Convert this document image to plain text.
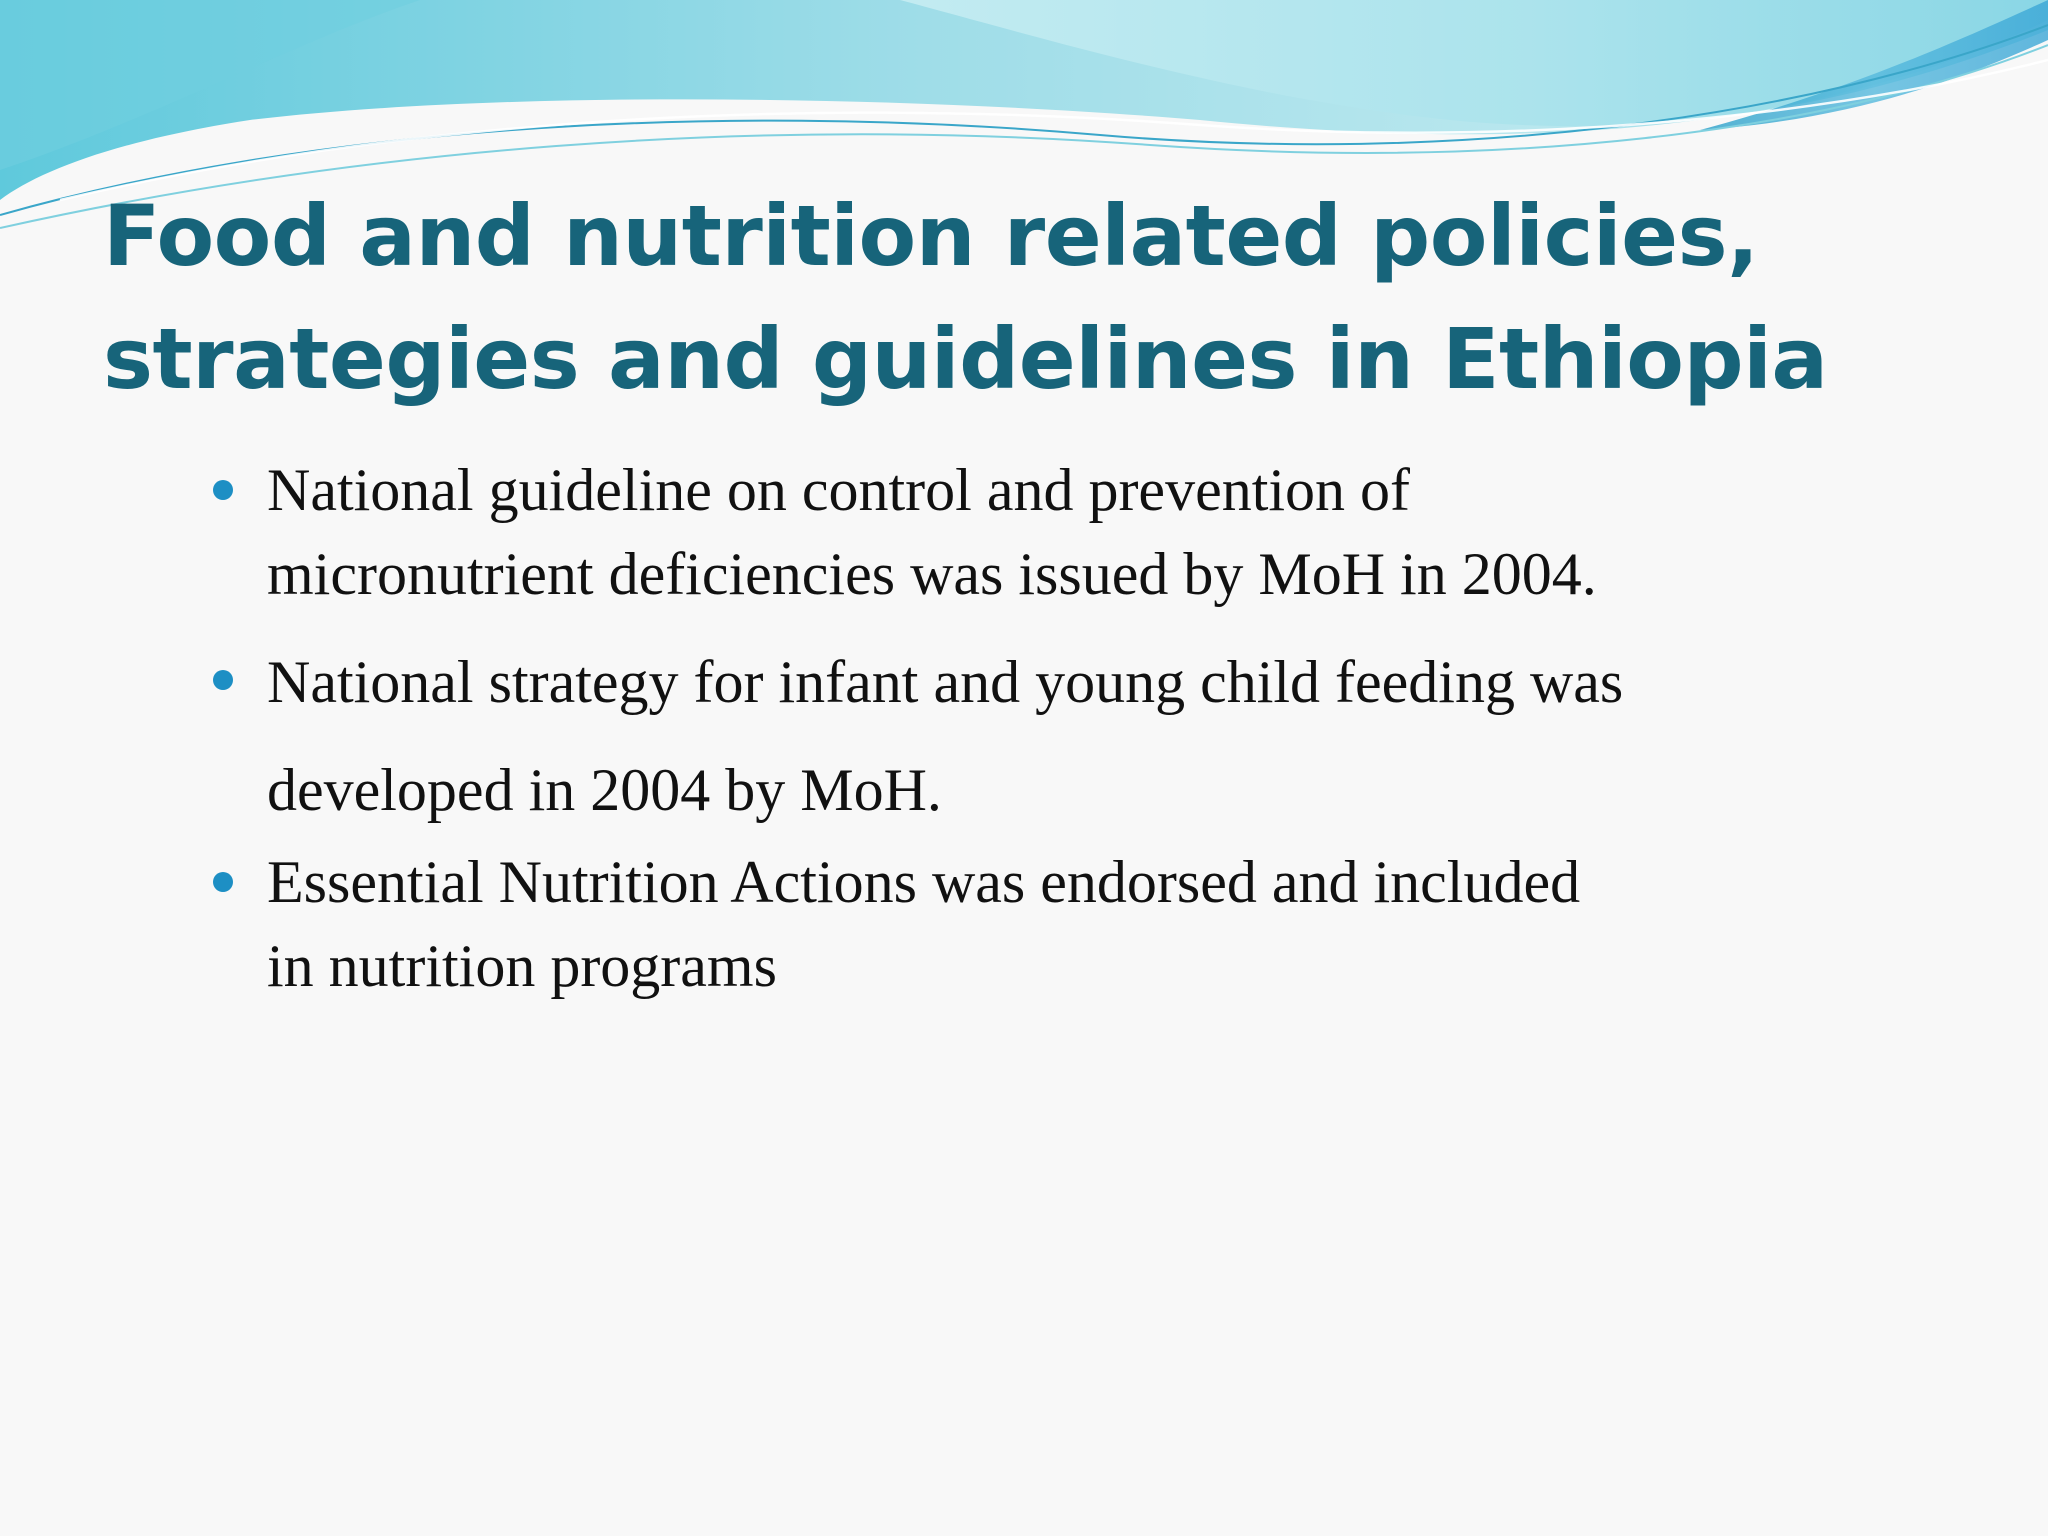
Food and nutrition related policies,
strategies and guidelines in Ethiopia
National guideline on control and prevention of
micronutrient deficiencies was issued by MoH in 2004.
National strategy for infant and young child feeding was
developed in 2004 by MoH.
Essential Nutrition Actions was endorsed and included
in nutrition programs
